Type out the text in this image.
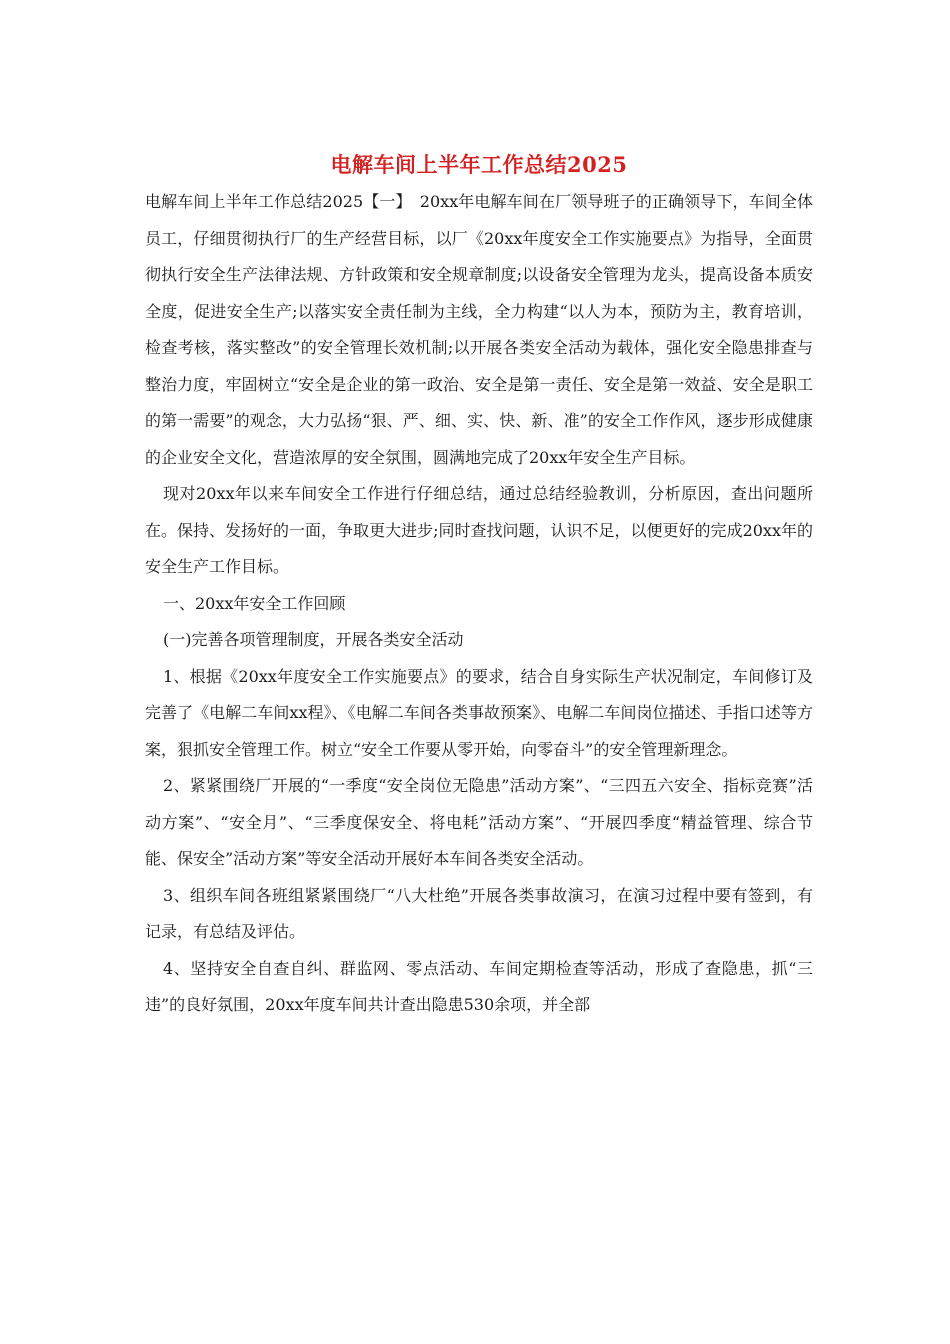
电解车间上半年工作总结2025

电解车间上半年工作总结2025【一】　20xx年电解车间在厂领导班子的正确领导下，车间全体员工，仔细贯彻执行厂的生产经营目标，以厂《20xx年度安全工作实施要点》为指导，全面贯彻执行安全生产法律法规、方针政策和安全规章制度;以设备安全管理为龙头，提高设备本质安全度，促进安全生产;以落实安全责任制为主线，全力构建“以人为本，预防为主，教育培训，检查考核，落实整改”的安全管理长效机制;以开展各类安全活动为载体，强化安全隐患排查与整治力度，牢固树立“安全是企业的第一政治、安全是第一责任、安全是第一效益、安全是职工的第一需要”的观念，大力弘扬“狠、严、细、实、快、新、准”的安全工作作风，逐步形成健康的企业安全文化，营造浓厚的安全氛围，圆满地完成了20xx年安全生产目标。

现对20xx年以来车间安全工作进行仔细总结，通过总结经验教训，分析原因，查出问题所在。保持、发扬好的一面，争取更大进步;同时查找问题，认识不足，以便更好的完成20xx年的安全生产工作目标。

一、20xx年安全工作回顾

(一)完善各项管理制度，开展各类安全活动

1、根据《20xx年度安全工作实施要点》的要求，结合自身实际生产状况制定，车间修订及完善了《电解二车间xx程》、《电解二车间各类事故预案》、电解二车间岗位描述、手指口述等方案，狠抓安全管理工作。树立“安全工作要从零开始，向零奋斗”的安全管理新理念。

2、紧紧围绕厂开展的“一季度“安全岗位无隐患”活动方案”、“三四五六安全、指标竞赛”活动方案”、“安全月”、“三季度保安全、将电耗”活动方案”、“开展四季度“精益管理、综合节能、保安全”活动方案”等安全活动开展好本车间各类安全活动。

3、组织车间各班组紧紧围绕厂“八大杜绝”开展各类事故演习，在演习过程中要有签到，有记录，有总结及评估。

4、坚持安全自查自纠、群监网、零点活动、车间定期检查等活动，形成了查隐患，抓“三违”的良好氛围，20xx年度车间共计查出隐患530余项，并全部
